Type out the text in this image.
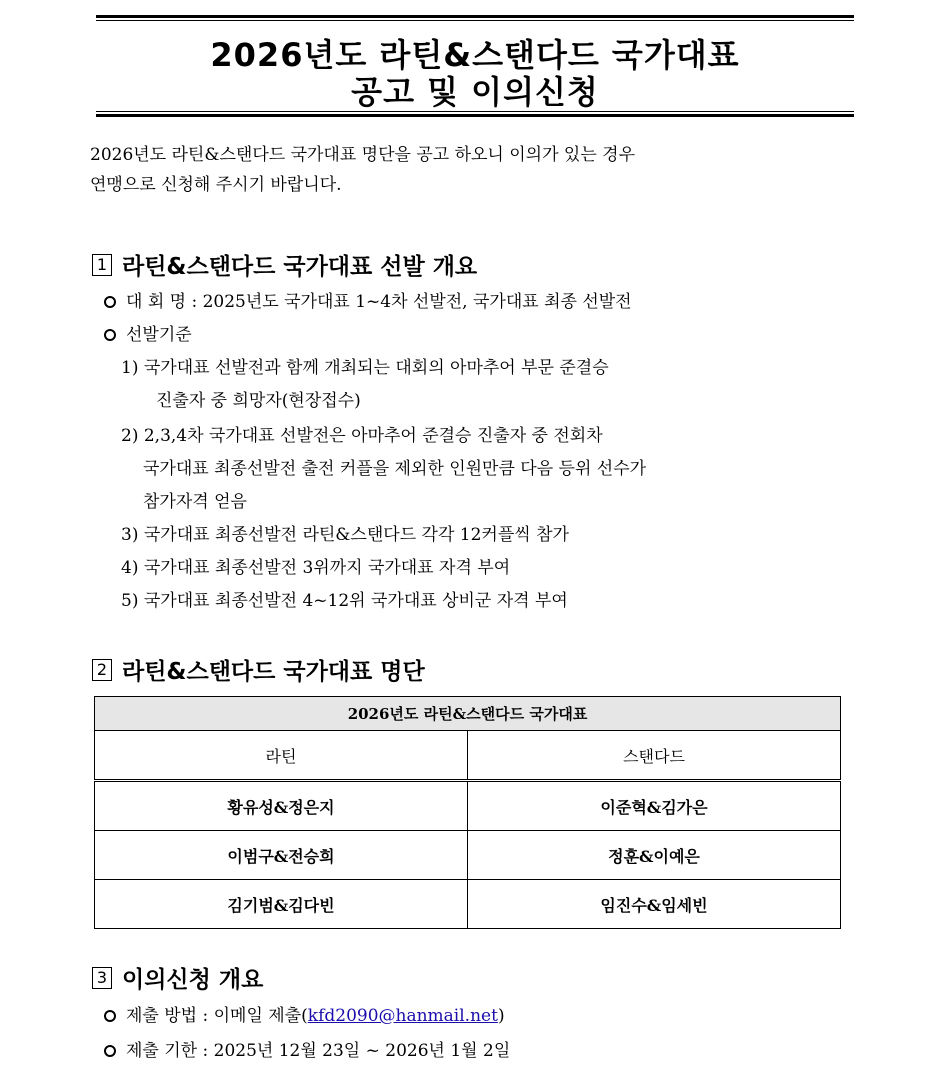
2026년도 라틴&스탠다드 국가대표
공고 및 이의신청
2026년도 라틴&스탠다드 국가대표 명단을 공고 하오니 이의가 있는 경우
연맹으로 신청해 주시기 바랍니다.
1 라틴&스탠다드 국가대표 선발 개요
대 회 명 : 2025년도 국가대표 1~4차 선발전, 국가대표 최종 선발전
선발기준
1) 국가대표 선발전과 함께 개최되는 대회의 아마추어 부문 준결승
진출자 중 희망자(현장접수)
2) 2,3,4차 국가대표 선발전은 아마추어 준결승 진출자 중 전회차
국가대표 최종선발전 출전 커플을 제외한 인원만큼 다음 등위 선수가
참가자격 얻음
3) 국가대표 최종선발전 라틴&스탠다드 각각 12커플씩 참가
4) 국가대표 최종선발전 3위까지 국가대표 자격 부여
5) 국가대표 최종선발전 4~12위 국가대표 상비군 자격 부여
2 라틴&스탠다드 국가대표 명단
2026년도 라틴&스탠다드 국가대표	
라틴	스탠다드
황유성&정은지	이준혁&김가은
이범구&전승희	정훈&이예은
김기범&김다빈	임진수&임세빈
3 이의신청 개요
제출 방법 : 이메일 제출(kfd2090@hanmail.net)
제출 기한 : 2025년 12월 23일 ~ 2026년 1월 2일
